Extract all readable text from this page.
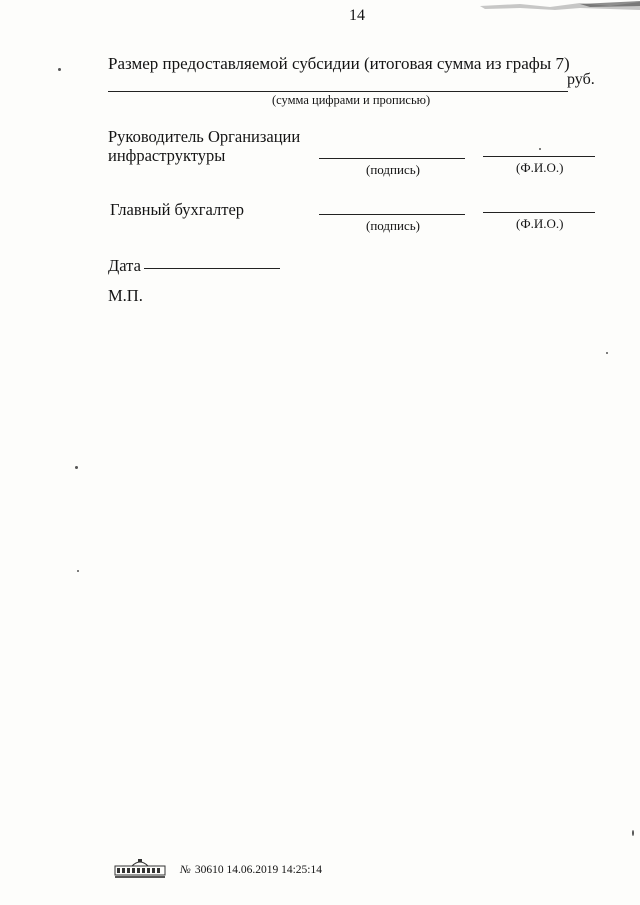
14
Размер предоставляемой субсидии (итоговая сумма из графы 7)
руб.
(сумма цифрами и прописью)
Руководитель Организации инфраструктуры
(подпись)	(Ф.И.О.)
Главный бухгалтер
(подпись)	(Ф.И.О.)
Дата
М.П.
№ 30610 14.06.2019 14:25:14
